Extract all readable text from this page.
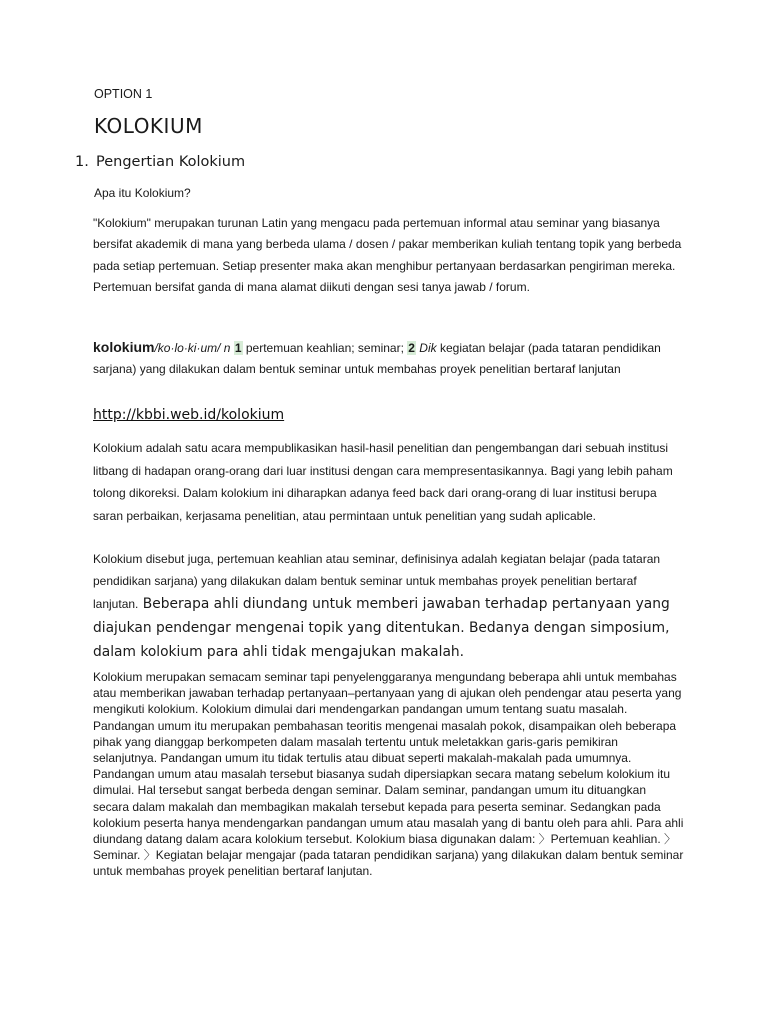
OPTION 1
KOLOKIUM
1. Pengertian Kolokium
Apa itu Kolokium?
"Kolokium" merupakan turunan Latin yang mengacu pada pertemuan informal atau seminar yang biasanya bersifat akademik di mana yang berbeda ulama / dosen / pakar memberikan kuliah tentang topik yang berbeda pada setiap pertemuan. Setiap presenter maka akan menghibur pertanyaan berdasarkan pengiriman mereka. Pertemuan bersifat ganda di mana alamat diikuti dengan sesi tanya jawab / forum.
kolokium/ko·lo·ki·um/ n 1 pertemuan keahlian; seminar; 2 Dik kegiatan belajar (pada tataran pendidikan sarjana) yang dilakukan dalam bentuk seminar untuk membahas proyek penelitian bertaraf lanjutan
http://kbbi.web.id/kolokium
Kolokium adalah satu acara mempublikasikan hasil-hasil penelitian dan pengembangan dari sebuah institusi litbang di hadapan orang-orang dari luar institusi dengan cara mempresentasikannya. Bagi yang lebih paham tolong dikoreksi. Dalam kolokium ini diharapkan adanya feed back dari orang-orang di luar institusi berupa saran perbaikan, kerjasama penelitian, atau permintaan untuk penelitian yang sudah aplicable.
Kolokium disebut juga, pertemuan keahlian atau seminar, definisinya adalah kegiatan belajar (pada tataran pendidikan sarjana) yang dilakukan dalam bentuk seminar untuk membahas proyek penelitian bertaraf lanjutan. Beberapa ahli diundang untuk memberi jawaban terhadap pertanyaan yang diajukan pendengar mengenai topik yang ditentukan. Bedanya dengan simposium, dalam kolokium para ahli tidak mengajukan makalah.
Kolokium merupakan semacam seminar tapi penyelenggaranya mengundang beberapa ahli untuk membahas atau memberikan jawaban terhadap pertanyaan–pertanyaan yang di ajukan oleh pendengar atau peserta yang mengikuti kolokium. Kolokium dimulai dari mendengarkan pandangan umum tentang suatu masalah. Pandangan umum itu merupakan pembahasan teoritis mengenai masalah pokok, disampaikan oleh beberapa pihak yang dianggap berkompeten dalam masalah tertentu untuk meletakkan garis-garis pemikiran selanjutnya. Pandangan umum itu tidak tertulis atau dibuat seperti makalah-makalah pada umumnya. Pandangan umum atau masalah tersebut biasanya sudah dipersiapkan secara matang sebelum kolokium itu dimulai. Hal tersebut sangat berbeda dengan seminar. Dalam seminar, pandangan umum itu dituangkan secara dalam makalah dan membagikan makalah tersebut kepada para peserta seminar. Sedangkan pada kolokium peserta hanya mendengarkan pandangan umum atau masalah yang di bantu oleh para ahli. Para ahli diundang datang dalam acara kolokium tersebut. Kolokium biasa digunakan dalam: 〉Pertemuan keahlian. 〉Seminar. 〉Kegiatan belajar mengajar (pada tataran pendidikan sarjana) yang dilakukan dalam bentuk seminar untuk membahas proyek penelitian bertaraf lanjutan.
